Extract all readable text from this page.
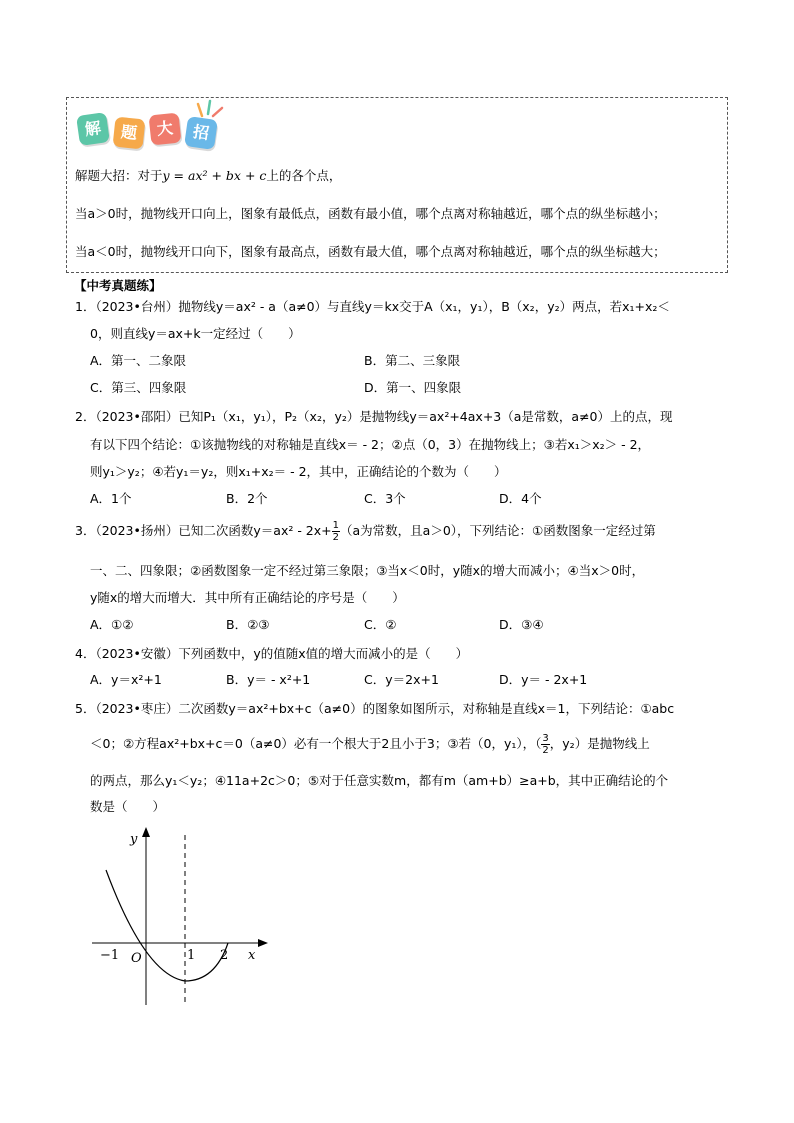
解	题	大	招
解题大招：对于y = ax² + bx + c上的各个点，
当a＞0时，抛物线开口向上，图象有最低点，函数有最小值，哪个点离对称轴越近，哪个点的纵坐标越小；
当a＜0时，抛物线开口向下，图象有最高点，函数有最大值，哪个点离对称轴越近，哪个点的纵坐标越大；
【中考真题练】
1．（2023•台州）抛物线y＝ax² - a（a≠0）与直线y＝kx交于A（x₁，y₁），B（x₂，y₂）两点，若x₁+x₂＜
0，则直线y＝ax+k一定经过（　　）
A．第一、二象限	B．第二、三象限
C．第三、四象限	D．第一、四象限
2．（2023•邵阳）已知P₁（x₁，y₁），P₂（x₂，y₂）是抛物线y＝ax²+4ax+3（a是常数，a≠0）上的点，现
有以下四个结论：①该抛物线的对称轴是直线x＝ - 2；②点（0，3）在抛物线上；③若x₁＞x₂＞ - 2，
则y₁＞y₂；④若y₁＝y₂，则x₁+x₂＝ - 2，其中，正确结论的个数为（　　）
A．1个	B．2个	C．3个	D．4个
3．（2023•扬州）已知二次函数$y=ax^2 - 2x+ \frac{1}{2} (a$为常数，且a＞0），下列结论：①函数图象一定经过第
一、二、四象限；②函数图象一定不经过第三象限；③当x＜0时，y随x的增大而减小；④当x＞0时，
y随x的增大而增大．其中所有正确结论的序号是（　　）
A．①②	B．②③	C．②	D．③④
4．（2023•安徽）下列函数中，y的值随x值的增大而减小的是（　　）
A．y＝x²+1	B．y＝ - x²+1	C．y＝2x+1	D．y＝ - 2x+1
5．（2023•枣庄）二次函数y＝ax²+bx+c（a≠0）的图象如图所示，对称轴是直线x＝1，下列结论：①abc
＜0；②方程ax²+bx+c＝0（a≠0）必有一个根大于2且小于3；③若（0，y₁），（ $\frac{3}{2}$ ，y₂）是抛物线上
的两点，那么y₁＜y₂；④11a+2c＞0；⑤对于任意实数m，都有m（am+b）≥a+b，其中正确结论的个
数是（　　）
y
x
O
−1	1 2
